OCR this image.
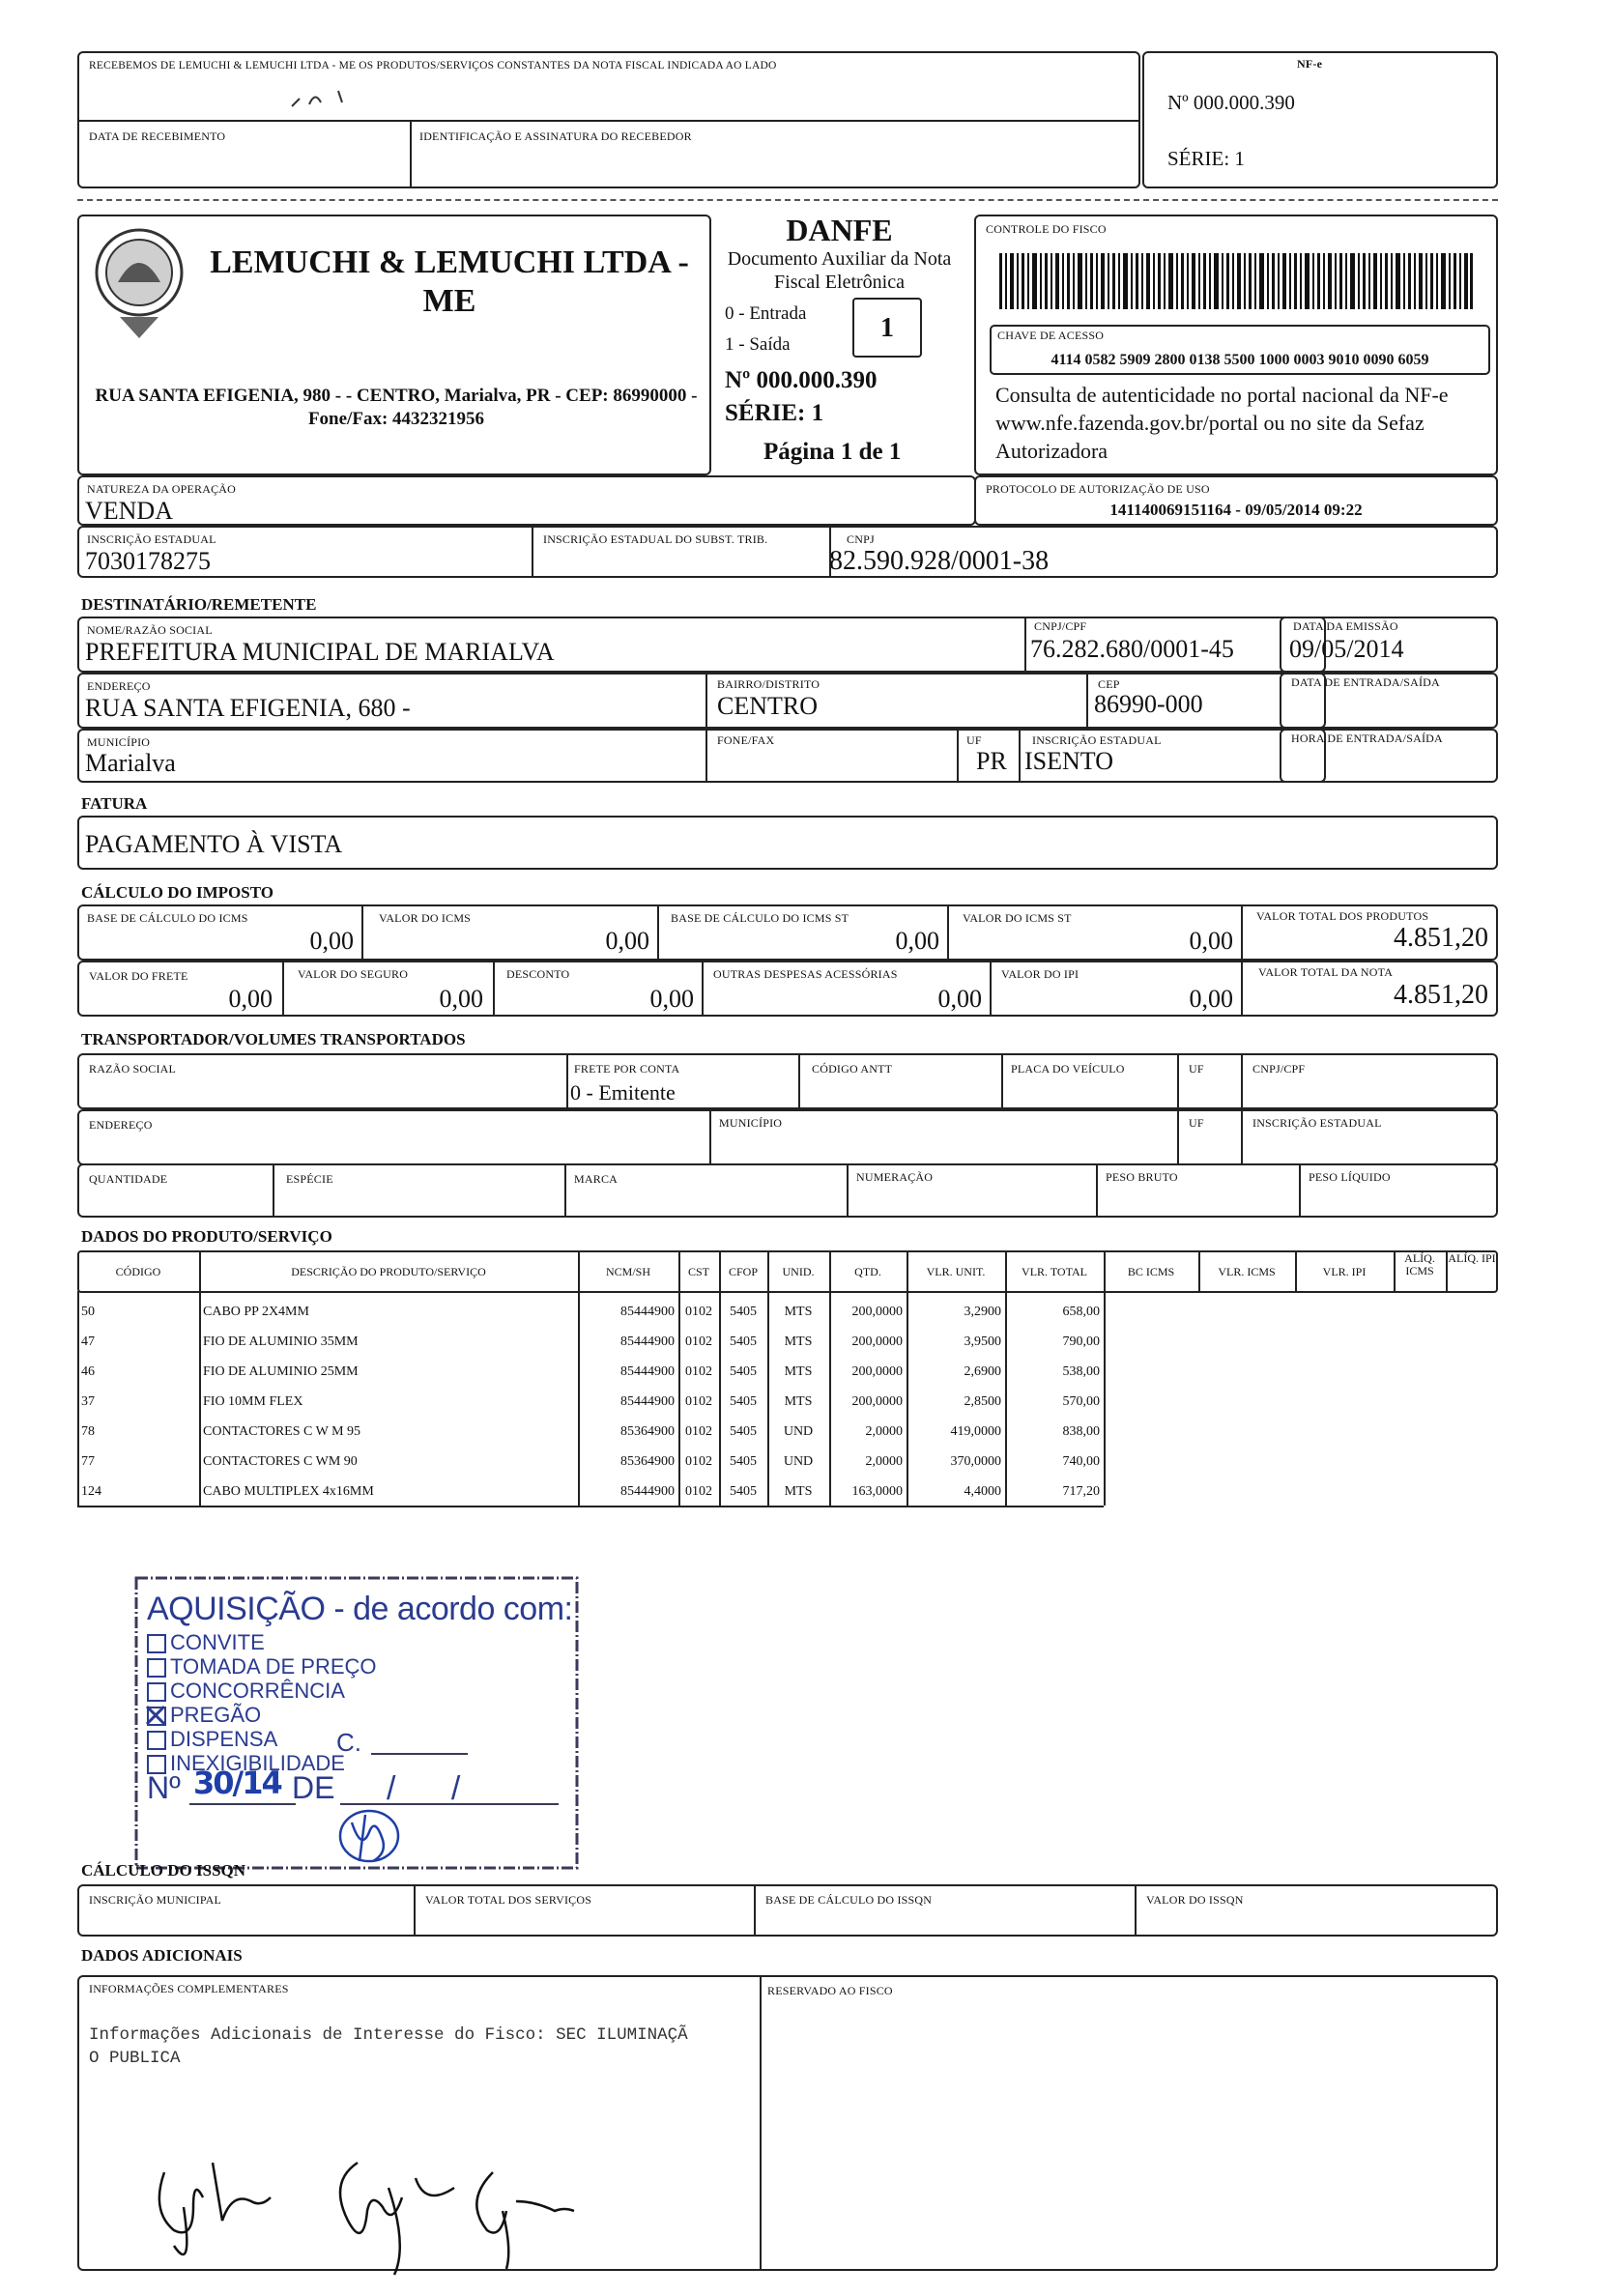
RECEBEMOS DE LEMUCHI & LEMUCHI LTDA - ME OS PRODUTOS/SERVIÇOS CONSTANTES DA NOTA FISCAL INDICADA AO LADO
DATA DE RECEBIMENTO	IDENTIFICAÇÃO E ASSINATURA DO RECEBEDOR
NF-e
Nº 000.000.390
SÉRIE: 1
LEMUCHI & LEMUCHI LTDA - ME
RUA SANTA EFIGENIA, 980 - - CENTRO, Marialva, PR - CEP: 86990000 - Fone/Fax: 4432321956
DANFE
Documento Auxiliar da Nota Fiscal Eletrônica
0 - Entrada
1 - Saída
1
Nº 000.000.390
SÉRIE: 1
Página 1 de 1
CONTROLE DO FISCO
CHAVE DE ACESSO
4114 0582 5909 2800 0138 5500 1000 0003 9010 0090 6059
Consulta de autenticidade no portal nacional da NF-e www.nfe.fazenda.gov.br/portal ou no site da Sefaz Autorizadora
NATUREZA DA OPERAÇÃO
VENDA
PROTOCOLO DE AUTORIZAÇÃO DE USO
141140069151164 - 09/05/2014 09:22
INSCRIÇÃO ESTADUAL
7030178275
INSCRIÇÃO ESTADUAL DO SUBST. TRIB.	CNPJ
82.590.928/0001-38
DESTINATÁRIO/REMETENTE
NOME/RAZÃO SOCIAL
PREFEITURA MUNICIPAL DE MARIALVA
CNPJ/CPF
76.282.680/0001-45
DATA DA EMISSÃO
09/05/2014
ENDEREÇO
RUA SANTA EFIGENIA, 680 -
BAIRRO/DISTRITO
CENTRO
CEP
86990-000
DATA DE ENTRADA/SAÍDA
MUNICÍPIO
Marialva
FONE/FAX	UF
PR
INSCRIÇÃO ESTADUAL
ISENTO
HORA DE ENTRADA/SAÍDA
FATURA
PAGAMENTO À VISTA
CÁLCULO DO IMPOSTO
BASE DE CÁLCULO DO ICMS
0,00
VALOR DO ICMS
0,00
BASE DE CÁLCULO DO ICMS ST
0,00
VALOR DO ICMS ST
0,00
VALOR TOTAL DOS PRODUTOS
4.851,20
VALOR DO FRETE
0,00
VALOR DO SEGURO
0,00
DESCONTO
0,00
OUTRAS DESPESAS ACESSÓRIAS
0,00
VALOR DO IPI
0,00
VALOR TOTAL DA NOTA
4.851,20
TRANSPORTADOR/VOLUMES TRANSPORTADOS
RAZÃO SOCIAL	FRETE POR CONTA
0 - Emitente
CÓDIGO ANTT	PLACA DO VEÍCULO	UF	CNPJ/CPF
ENDEREÇO	MUNICÍPIO	UF	INSCRIÇÃO ESTADUAL
QUANTIDADE	ESPÉCIE	MARCA	NUMERAÇÃO	PESO BRUTO	PESO LÍQUIDO
DADOS DO PRODUTO/SERVIÇO
CÓDIGO	DESCRIÇÃO DO PRODUTO/SERVIÇO	NCM/SH	CST	CFOP	UNID.	QTD.	VLR. UNIT.	VLR. TOTAL	BC ICMS	VLR. ICMS	VLR. IPI
ALÍQ. ICMS
ALÍQ. IPI
50	CABO PP 2X4MM	85444900 0102	5405	MTS	200,0000	3,2900	658,00
47	FIO DE ALUMINIO 35MM	85444900 0102	5405	MTS	200,0000	3,9500	790,00
46	FIO DE ALUMINIO 25MM	85444900 0102	5405	MTS	200,0000	2,6900	538,00
37	FIO 10MM FLEX	85444900 0102	5405	MTS	200,0000	2,8500	570,00
78	CONTACTORES C W M 95	85364900 0102	5405	UND	2,0000	419,0000	838,00
77	CONTACTORES C WM 90	85364900 0102	5405	UND	2,0000	370,0000	740,00
124	CABO MULTIPLEX 4x16MM	85444900 0102	5405	MTS	163,0000	4,4000	717,20
AQUISIÇÃO - de acordo com:
CONVITE
TOMADA DE PREÇO
CONCORRÊNCIA
PREGÃO
DISPENSA
INEXIGIBILIDADE
C.
Nº 30/14 DE / /
CÁLCULO DO ISSQN
INSCRIÇÃO MUNICIPAL	VALOR TOTAL DOS SERVIÇOS	BASE DE CÁLCULO DO ISSQN	VALOR DO ISSQN
DADOS ADICIONAIS
INFORMAÇÕES COMPLEMENTARES
Informações Adicionais de Interesse do Fisco: SEC ILUMINAÇÃ
O PUBLICA
RESERVADO AO FISCO
